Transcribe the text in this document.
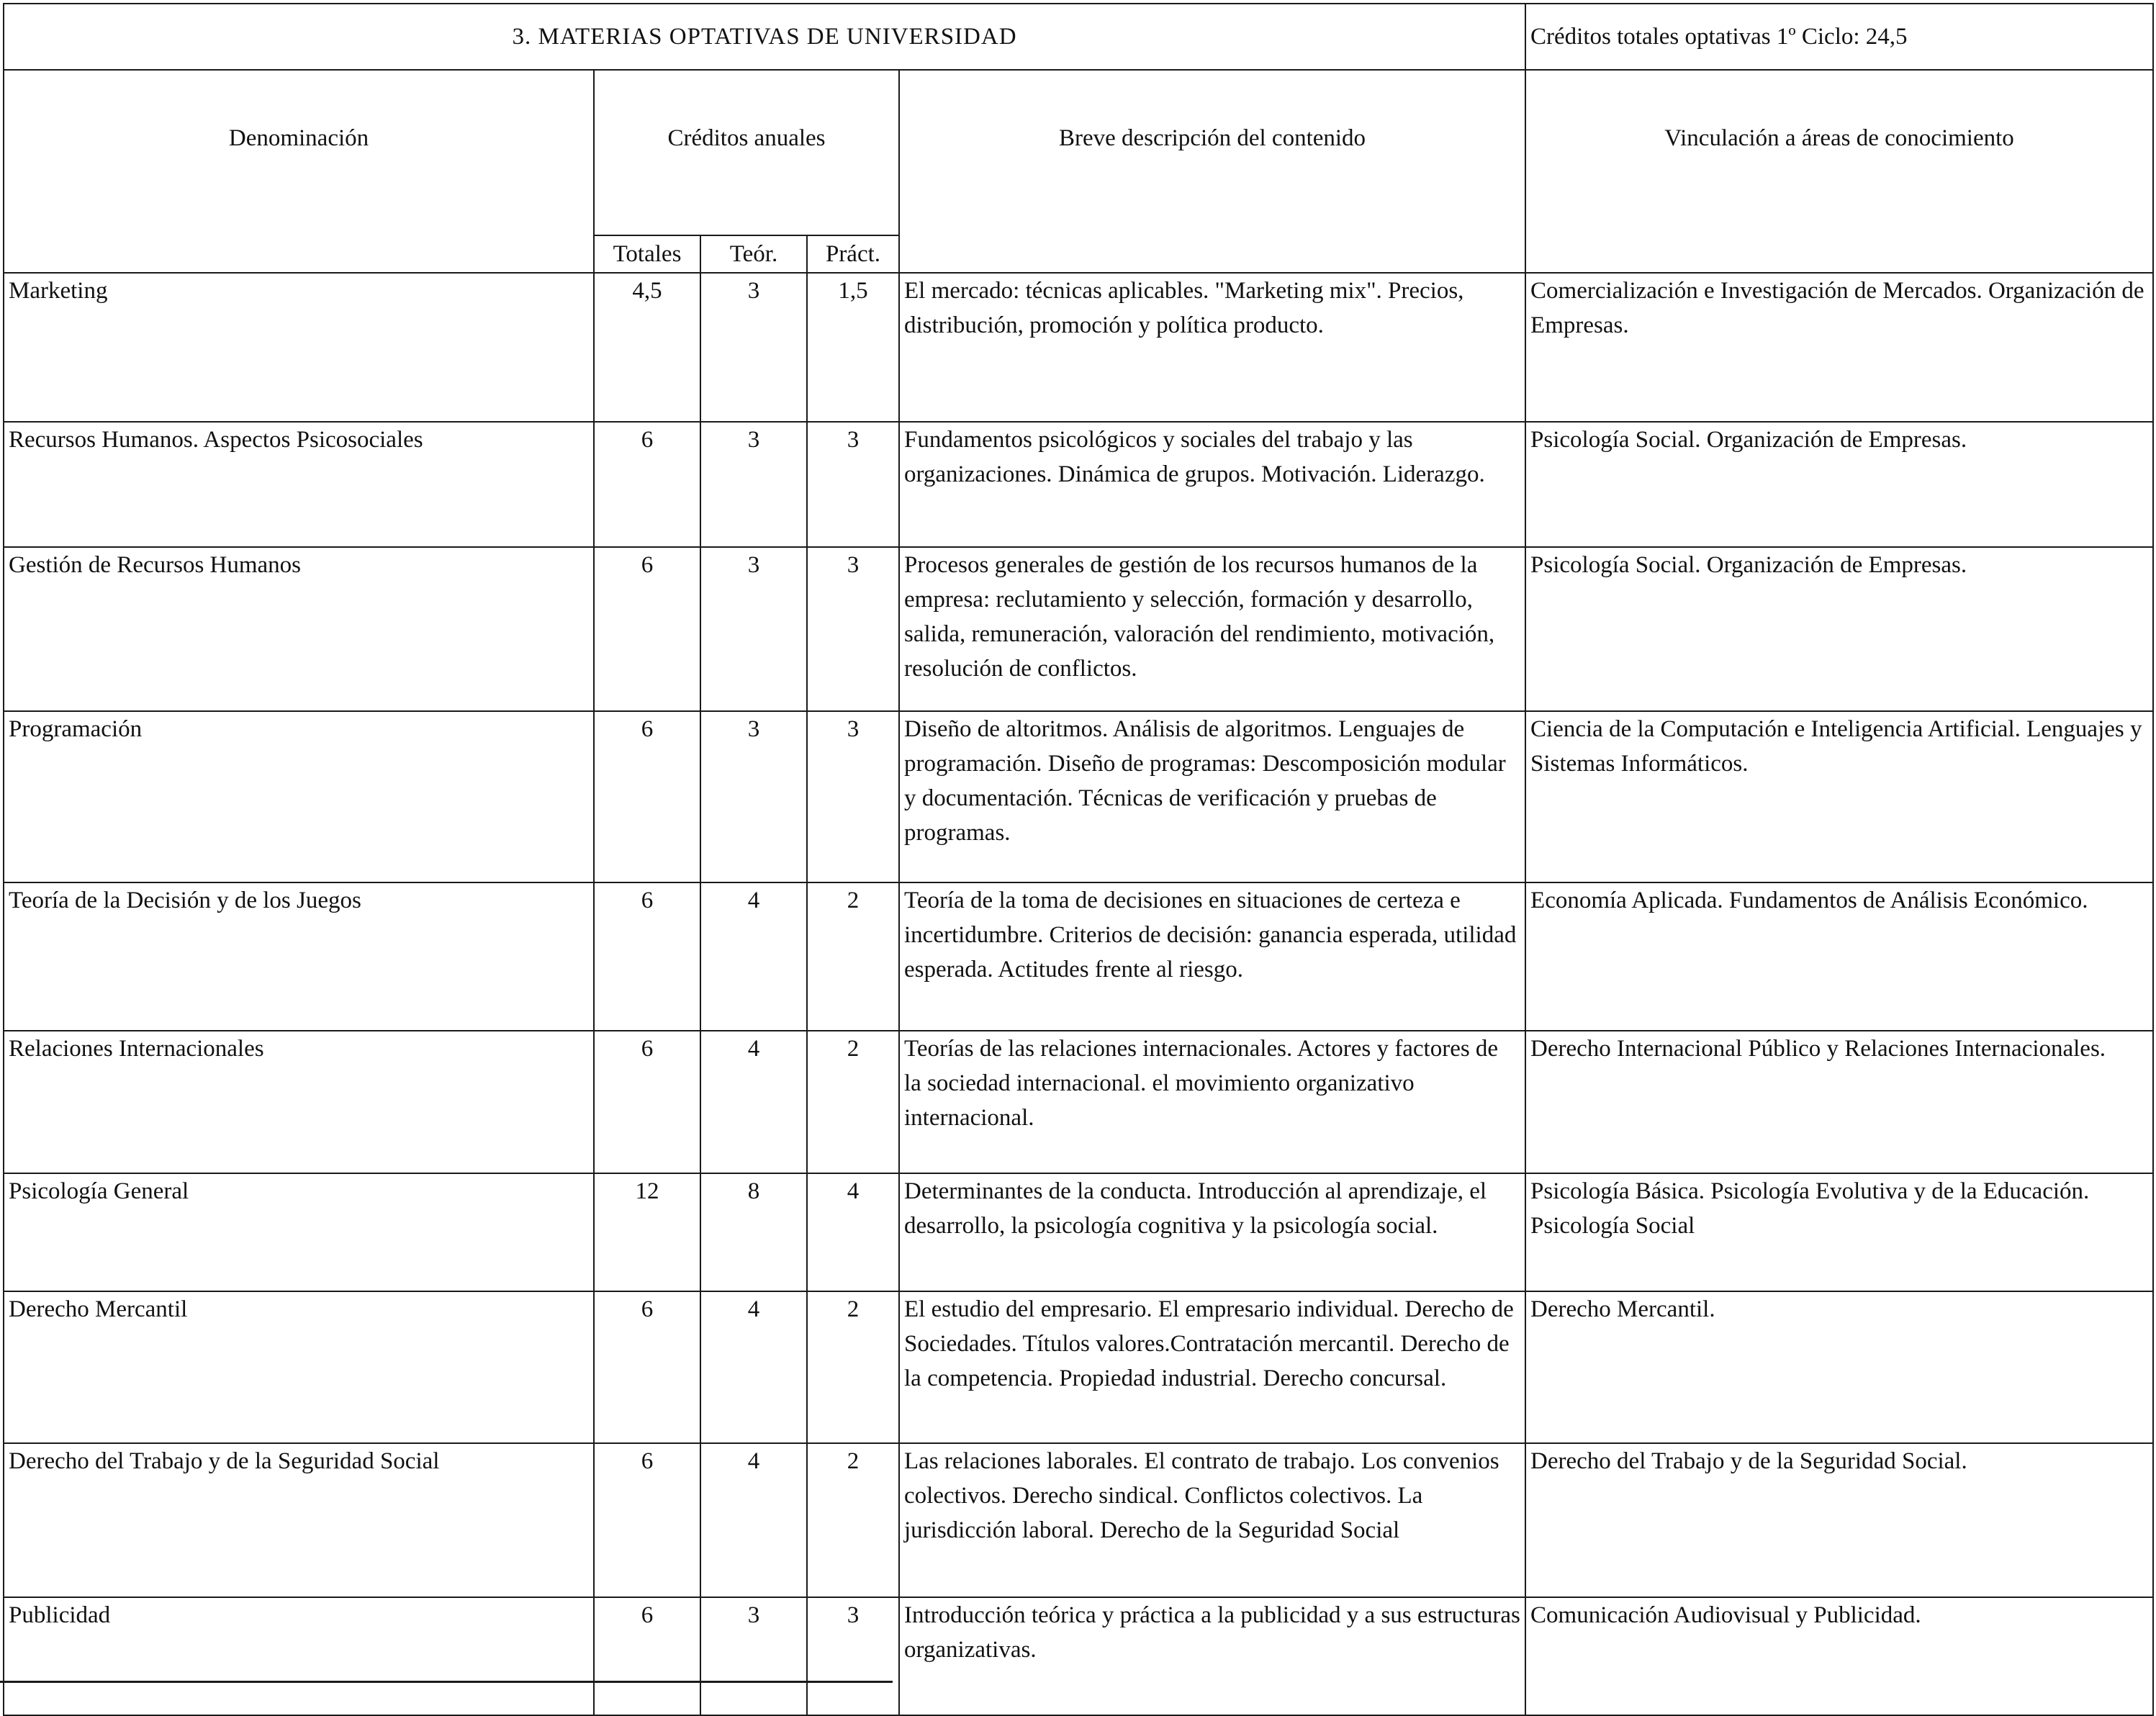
3. MATERIAS OPTATIVAS DE UNIVERSIDAD					Créditos totales optativas 1º Ciclo: 24,5
Denominación	Créditos anuales			Breve descripción del contenido	Vinculación a áreas de conocimiento
	Totales	Teór.	Práct.		
Marketing	4,5	3	1,5	El mercado: técnicas aplicables. "Marketing mix". Precios, distribución, promoción y política producto.	Comercialización e Investigación de Mercados. Organización de Empresas.
Recursos Humanos. Aspectos Psicosociales	6	3	3	Fundamentos psicológicos y sociales del trabajo y las organizaciones. Dinámica de grupos. Motivación. Liderazgo.	Psicología Social. Organización de Empresas.
Gestión de Recursos Humanos	6	3	3	Procesos generales de gestión de los recursos humanos de la empresa: reclutamiento y selección, formación y desarrollo, salida, remuneración, valoración del rendimiento, motivación, resolución de conflictos.	Psicología Social. Organización de Empresas.
Programación	6	3	3	Diseño de altoritmos. Análisis de algoritmos. Lenguajes de programación. Diseño de programas: Descomposición modular y documentación. Técnicas de verificación y pruebas de programas.	Ciencia de la Computación e Inteligencia Artificial. Lenguajes y Sistemas Informáticos.
Teoría de la Decisión y de los Juegos	6	4	2	Teoría de la toma de decisiones en situaciones de certeza e incertidumbre. Criterios de decisión: ganancia esperada, utilidad esperada. Actitudes frente al riesgo.	Economía Aplicada. Fundamentos de Análisis Económico.
Relaciones Internacionales	6	4	2	Teorías de las relaciones internacionales. Actores y factores de la sociedad internacional. el movimiento organizativo internacional.	Derecho Internacional Público y Relaciones Internacionales.
Psicología General	12	8	4	Determinantes de la conducta. Introducción al aprendizaje, el desarrollo, la psicología cognitiva y la psicología social.	Psicología Básica. Psicología Evolutiva y de la Educación. Psicología Social
Derecho Mercantil	6	4	2	El estudio del empresario. El empresario individual. Derecho de Sociedades. Títulos valores.Contratación mercantil. Derecho de la competencia. Propiedad industrial. Derecho concursal.	Derecho Mercantil.
Derecho del Trabajo y de la Seguridad Social	6	4	2	Las relaciones laborales. El contrato de trabajo. Los convenios colectivos. Derecho sindical. Conflictos colectivos. La jurisdicción laboral. Derecho de la Seguridad Social	Derecho del Trabajo y de la Seguridad Social.
Publicidad	6	3	3	Introducción teórica y práctica a la publicidad y a sus estructuras organizativas.	Comunicación Audiovisual y Publicidad.
